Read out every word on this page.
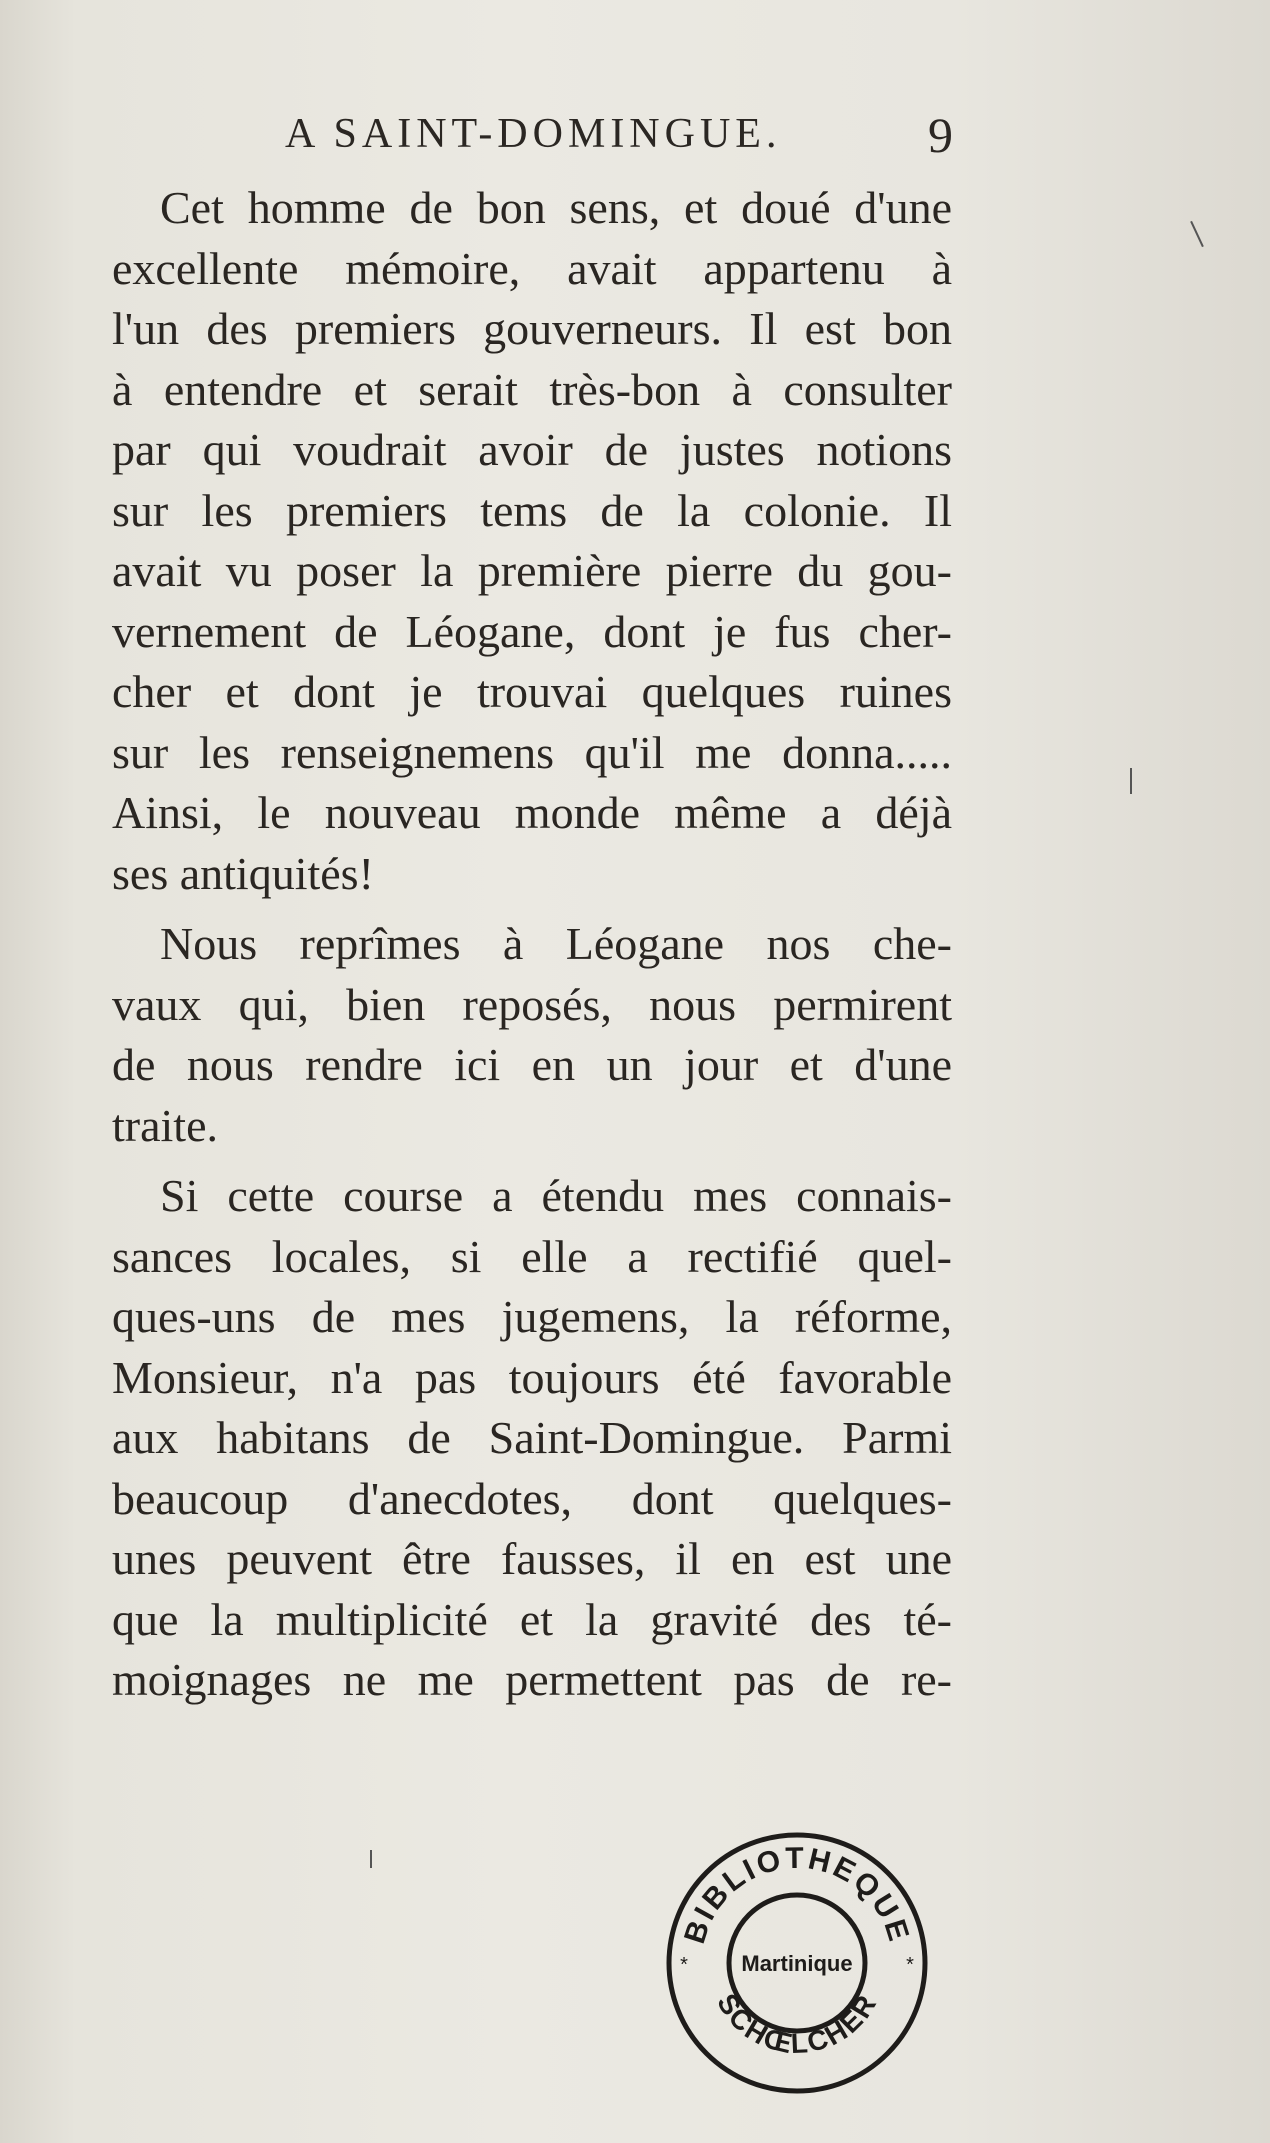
A SAINT-DOMINGUE.	9
Cet homme de bon sens, et doué d'une
excellente mémoire, avait appartenu à
l'un des premiers gouverneurs. Il est bon
à entendre et serait très-bon à consulter
par qui voudrait avoir de justes notions
sur les premiers tems de la colonie. Il
avait vu poser la première pierre du gou-
vernement de Léogane, dont je fus cher-
cher et dont je trouvai quelques ruines
sur les renseignemens qu'il me donna.....
Ainsi, le nouveau monde même a déjà
ses antiquités!
Nous reprîmes à Léogane nos che-
vaux qui, bien reposés, nous permirent
de nous rendre ici en un jour et d'une
traite.
Si cette course a étendu mes connais-
sances locales, si elle a rectifié quel-
ques-uns de mes jugemens, la réforme,
Monsieur, n'a pas toujours été favorable
aux habitans de Saint-Domingue. Parmi
beaucoup d'anecdotes, dont quelques-
unes peuvent être fausses, il en est une
que la multiplicité et la gravité des té-
moignages ne me permettent pas de re-
BIBLIOTHEQUE
SCHŒLCHER
Martinique
*	*
